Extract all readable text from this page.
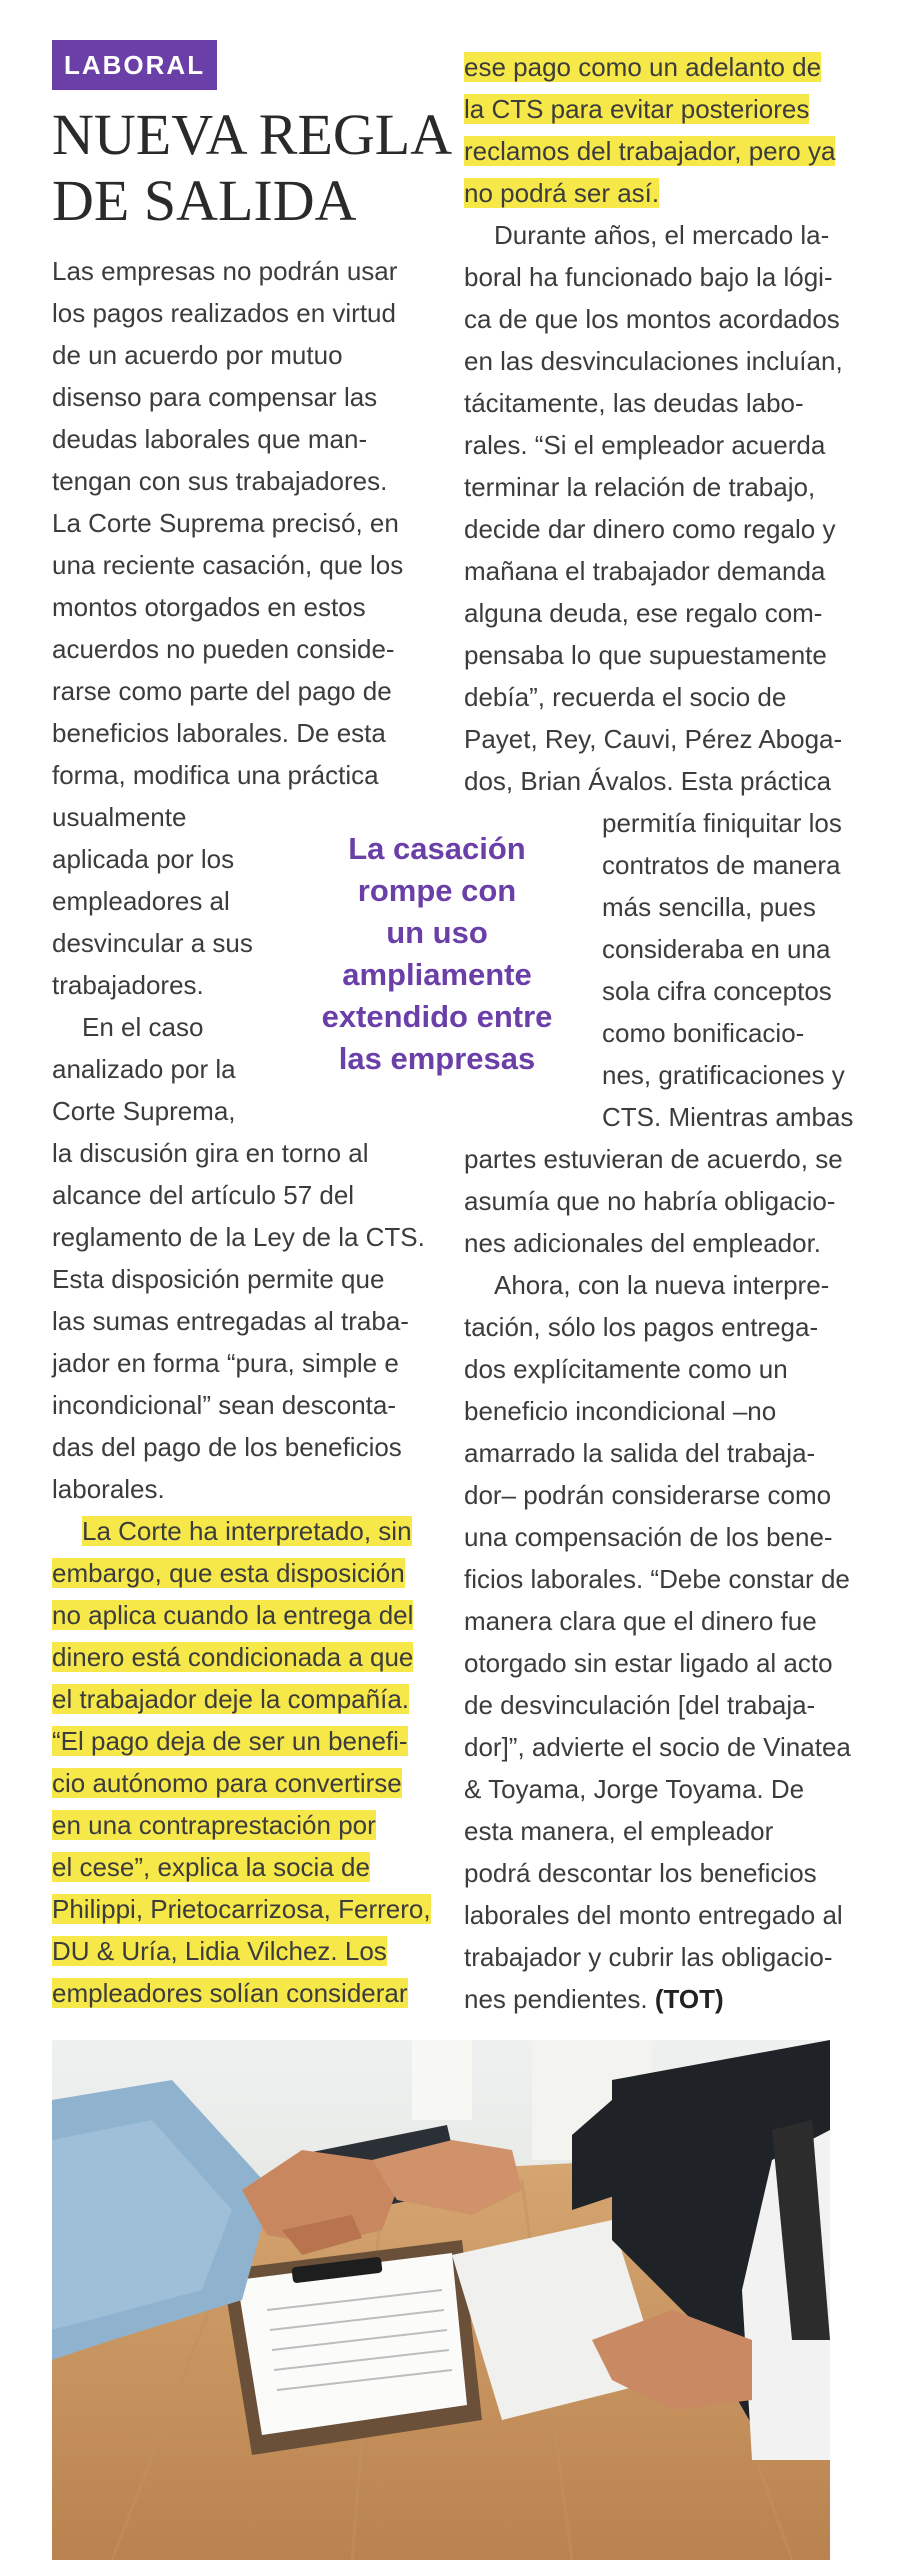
LABORAL
NUEVA REGLA
DE SALIDA
Las empresas no podrán usar
los pagos realizados en virtud
de un acuerdo por mutuo
disenso para compensar las
deudas laborales que man-
tengan con sus trabajadores.
La Corte Suprema precisó, en
una reciente casación, que los
montos otorgados en estos
acuerdos no pueden conside-
rarse como parte del pago de
beneficios laborales. De esta
forma, modifica una práctica
usualmente
aplicada por los
empleadores al
desvincular a sus
trabajadores.
En el caso
analizado por la
Corte Suprema,
la discusión gira en torno al
alcance del artículo 57 del
reglamento de la Ley de la CTS.
Esta disposición permite que
las sumas entregadas al traba-
jador en forma “pura, simple e
incondicional” sean desconta-
das del pago de los beneficios
laborales.
La Corte ha interpretado, sin
embargo, que esta disposición
no aplica cuando la entrega del
dinero está condicionada a que
el trabajador deje la compañía.
“El pago deja de ser un benefi-
cio autónomo para convertirse
en una contraprestación por
el cese”, explica la socia de
Philippi, Prietocarrizosa, Ferrero,
DU & Uría, Lidia Vilchez. Los
empleadores solían considerar
ese pago como un adelanto de
la CTS para evitar posteriores
reclamos del trabajador, pero ya
no podrá ser así.
Durante años, el mercado la-
boral ha funcionado bajo la lógi-
ca de que los montos acordados
en las desvinculaciones incluían,
tácitamente, las deudas labo-
rales. “Si el empleador acuerda
terminar la relación de trabajo,
decide dar dinero como regalo y
mañana el trabajador demanda
alguna deuda, ese regalo com-
pensaba lo que supuestamente
debía”, recuerda el socio de
Payet, Rey, Cauvi, Pérez Aboga-
dos, Brian Ávalos. Esta práctica
permitía finiquitar los
contratos de manera
más sencilla, pues
consideraba en una
sola cifra conceptos
como bonificacio-
nes, gratificaciones y
CTS. Mientras ambas
partes estuvieran de acuerdo, se
asumía que no habría obligacio-
nes adicionales del empleador.
Ahora, con la nueva interpre-
tación, sólo los pagos entrega-
dos explícitamente como un
beneficio incondicional –no
amarrado la salida del trabaja-
dor– podrán considerarse como
una compensación de los bene-
ficios laborales. “Debe constar de
manera clara que el dinero fue
otorgado sin estar ligado al acto
de desvinculación [del trabaja-
dor]”, advierte el socio de Vinatea
& Toyama, Jorge Toyama. De
esta manera, el empleador
podrá descontar los beneficios
laborales del monto entregado al
trabajador y cubrir las obligacio-
nes pendientes. (TOT)
La casación
rompe con
un uso
ampliamente
extendido entre
las empresas
